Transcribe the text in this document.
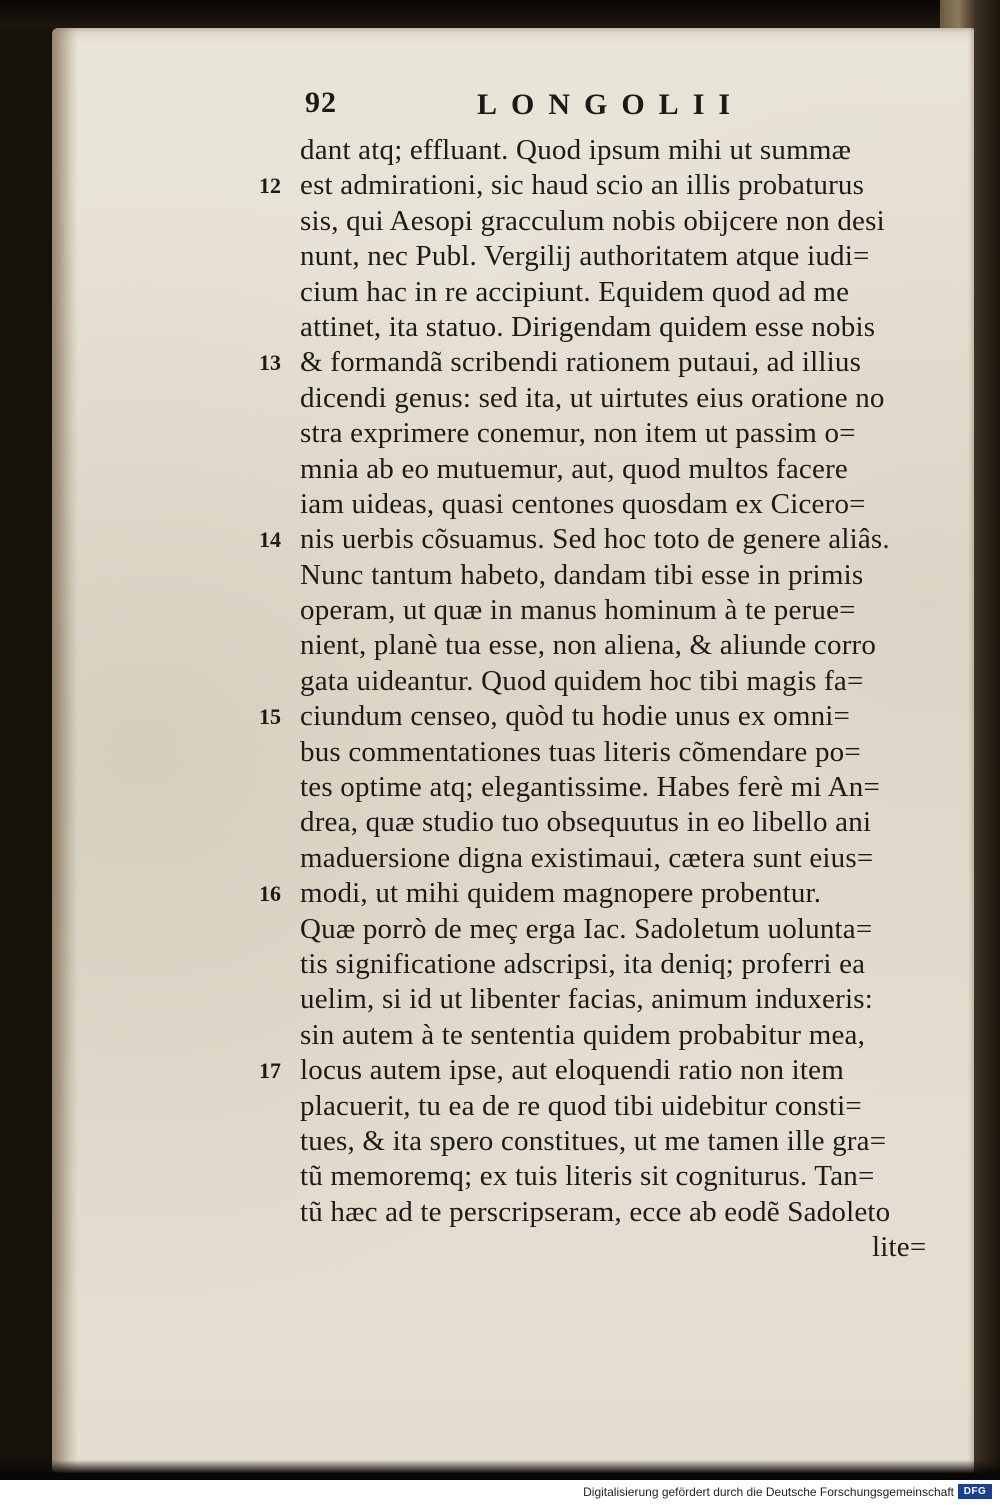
92	LONGOLII
dant atq; effluant. Quod ipsum mihi ut summæ
12 est admirationi, sic haud scio an illis probaturus
sis, qui Aesopi gracculum nobis obijcere non desi
nunt, nec Publ. Vergilij authoritatem atque iudi=
cium hac in re accipiunt. Equidem quod ad me
attinet, ita statuo. Dirigendam quidem esse nobis
13 & formandã scribendi rationem putaui, ad illius
dicendi genus: sed ita, ut uirtutes eius oratione no
stra exprimere conemur, non item ut passim o=
mnia ab eo mutuemur, aut, quod multos facere
iam uideas, quasi centones quosdam ex Cicero=
14 nis uerbis cõsuamus. Sed hoc toto de genere aliâs.
Nunc tantum habeto, dandam tibi esse in primis
operam, ut quæ in manus hominum à te perue=
nient, planè tua esse, non aliena, & aliunde corro
gata uideantur. Quod quidem hoc tibi magis fa=
15 ciundum censeo, quòd tu hodie unus ex omni=
bus commentationes tuas literis cõmendare po=
tes optime atq; elegantissime. Habes ferè mi An=
drea, quæ studio tuo obsequutus in eo libello ani
maduersione digna existimaui, cætera sunt eius=
16 modi, ut mihi quidem magnopere probentur.
Quæ porrò de meç erga Iac. Sadoletum uolunta=
tis significatione adscripsi, ita deniq; proferri ea
uelim, si id ut libenter facias, animum induxeris:
sin autem à te sententia quidem probabitur mea,
17 locus autem ipse, aut eloquendi ratio non item
placuerit, tu ea de re quod tibi uidebitur consti=
tues, & ita spero constitues, ut me tamen ille gra=
tũ memoremq; ex tuis literis sit cogniturus. Tan=
tũ hæc ad te perscripseram, ecce ab eodẽ Sadoleto
lite=
Digitalisierung gefördert durch die Deutsche Forschungsgemeinschaft DFG
